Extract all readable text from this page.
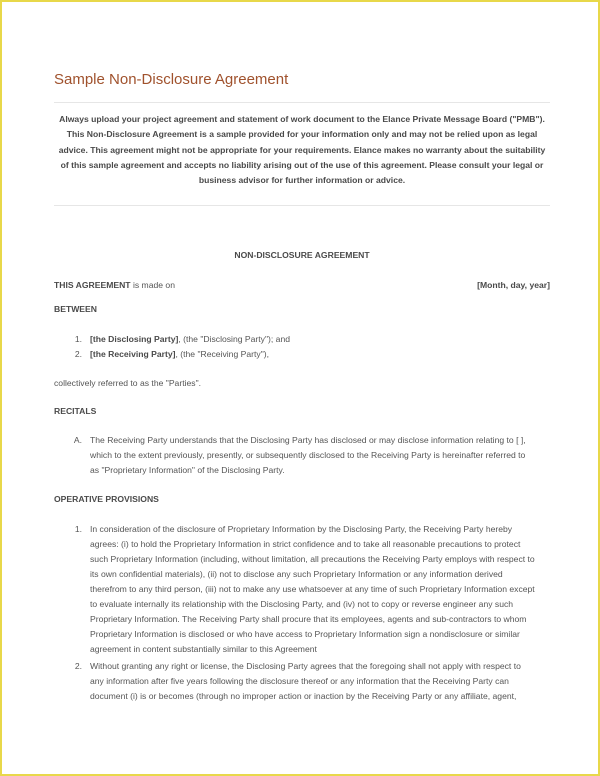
Sample Non-Disclosure Agreement

Always upload your project agreement and statement of work document to the Elance Private Message Board ("PMB").

This Non-Disclosure Agreement is a sample provided for your information only and may not be relied upon as legal advice. This agreement might not be appropriate for your requirements. Elance makes no warranty about the suitability of this sample agreement and accepts no liability arising out of the use of this agreement. Please consult your legal or business advisor for further information or advice.

NON-DISCLOSURE AGREEMENT
THIS AGREEMENT is made on	[Month, day, year]
BETWEEN
1. [the Disclosing Party], (the "Disclosing Party"); and
2. [the Receiving Party], (the "Receiving Party"),
collectively referred to as the "Parties".
RECITALS
A. The Receiving Party understands that the Disclosing Party has disclosed or may disclose information relating to [ ],
which to the extent previously, presently, or subsequently disclosed to the Receiving Party is hereinafter referred to
as "Proprietary Information" of the Disclosing Party.
OPERATIVE PROVISIONS
1. In consideration of the disclosure of Proprietary Information by the Disclosing Party, the Receiving Party hereby
agrees: (i) to hold the Proprietary Information in strict confidence and to take all reasonable precautions to protect
such Proprietary Information (including, without limitation, all precautions the Receiving Party employs with respect to
its own confidential materials), (ii) not to disclose any such Proprietary Information or any information derived
therefrom to any third person, (iii) not to make any use whatsoever at any time of such Proprietary Information except
to evaluate internally its relationship with the Disclosing Party, and (iv) not to copy or reverse engineer any such
Proprietary Information. The Receiving Party shall procure that its employees, agents and sub-contractors to whom
Proprietary Information is disclosed or who have access to Proprietary Information sign a nondisclosure or similar
agreement in content substantially similar to this Agreement
2. Without granting any right or license, the Disclosing Party agrees that the foregoing shall not apply with respect to
any information after five years following the disclosure thereof or any information that the Receiving Party can
document (i) is or becomes (through no improper action or inaction by the Receiving Party or any affiliate, agent,
